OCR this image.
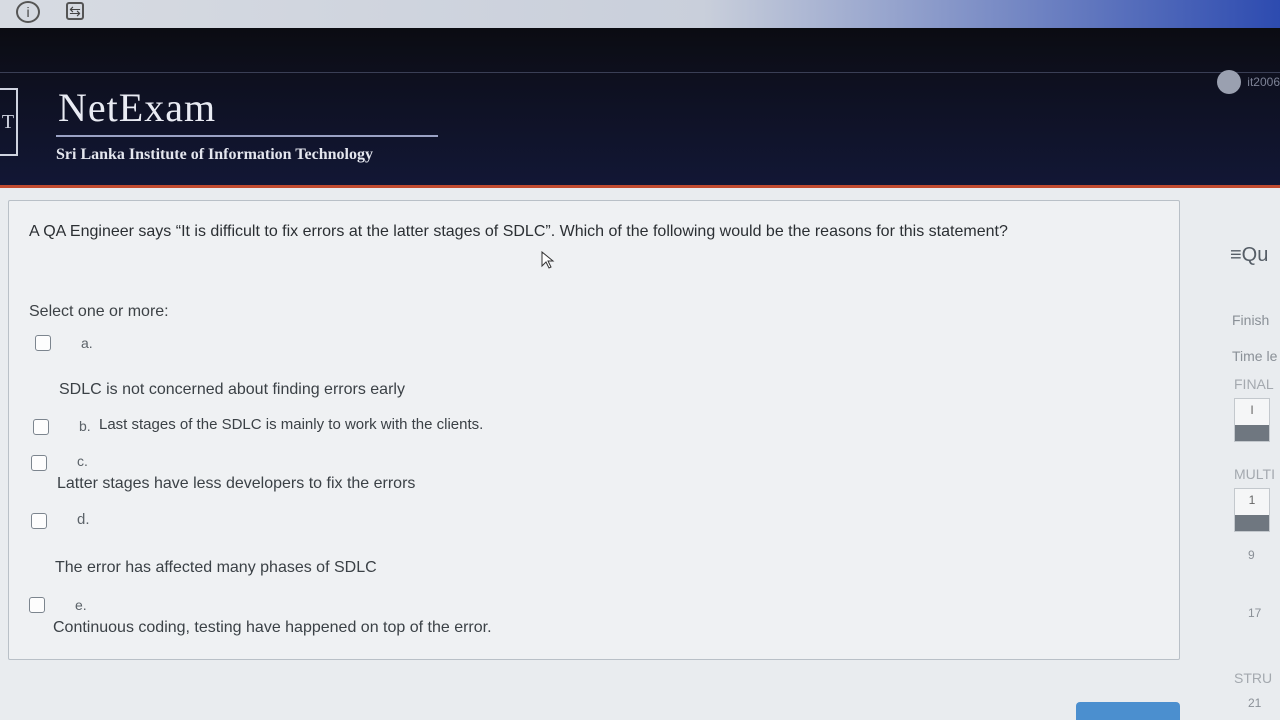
i	⇆
T NetExam
Sri Lanka Institute of Information Technology
it2006
A QA Engineer says “It is difficult to fix errors at the latter stages of SDLC”. Which of the following would be the reasons for this statement?
Select one or more:
a.
SDLC is not concerned about finding errors early
b. Last stages of the SDLC is mainly to work with the clients.
c.
Latter stages have less developers to fix the errors
d.
The error has affected many phases of SDLC
e.
Continuous coding, testing have happened on top of the error.
≡Qu
Finish
Time le
FINAL
I
MULTI
1
9
17
STRU
21
